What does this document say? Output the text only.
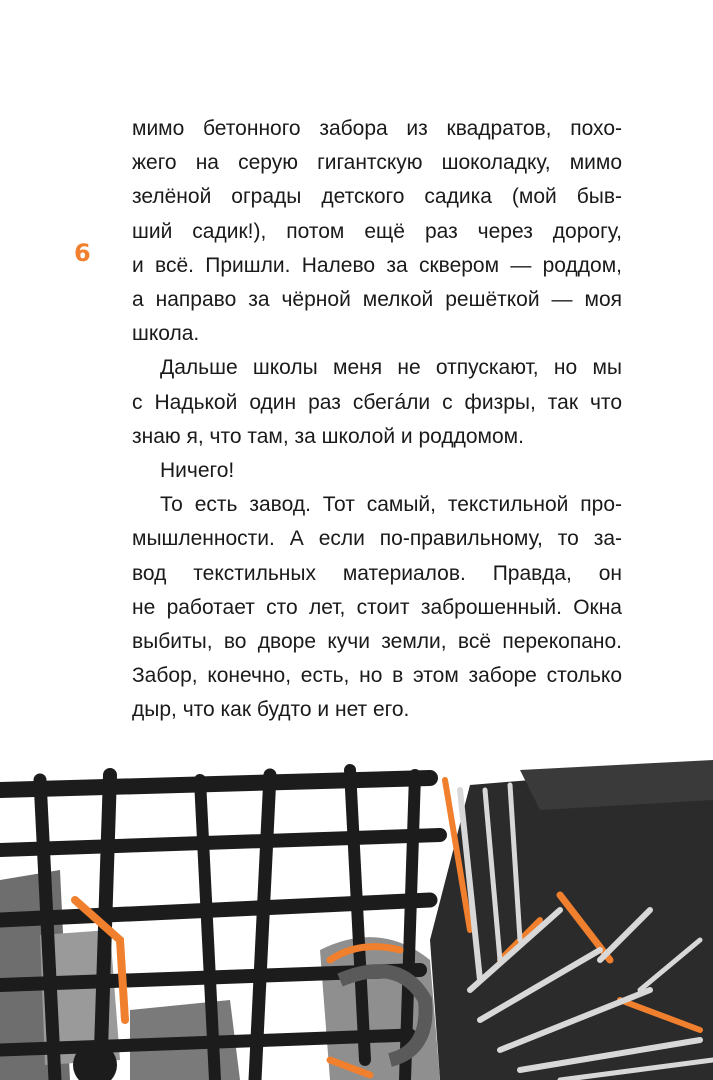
6

мимо бетонного забора из квадратов, похо-
жего на серую гигантскую шоколадку, мимо
зелёной ограды детского садика (мой быв-
ший садик!), потом ещё раз через дорогу,
и всё. Пришли. Налево за сквером — роддом,
а направо за чёрной мелкой решёткой — моя
школа.

Дальше школы меня не отпускают, но мы
с Надькой один раз сбегáли с физры, так что
знаю я, что там, за школой и роддомом.

Ничего!

То есть завод. Тот самый, текстильной про-
мышленности. А если по-правильному, то за-
вод текстильных материалов. Правда, он
не работает сто лет, стоит заброшенный. Окна
выбиты, во дворе кучи земли, всё перекопано.
Забор, конечно, есть, но в этом заборе столько
дыр, что как будто и нет его.
